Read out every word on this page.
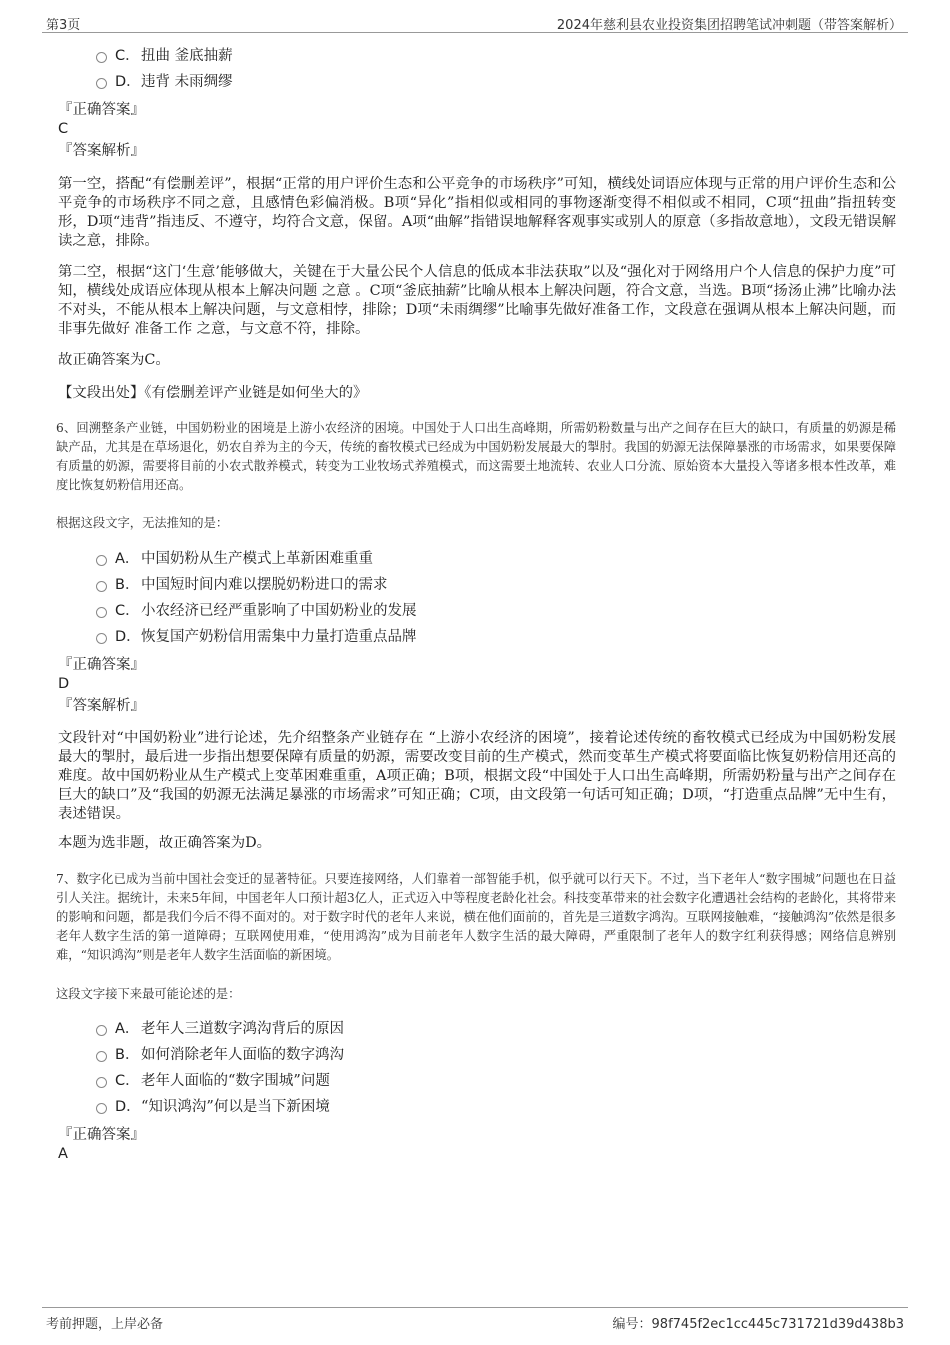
第3页	2024年慈利县农业投资集团招聘笔试冲刺题（带答案解析）
C．扭曲 釜底抽薪
D．违背 未雨绸缪
『正确答案』
C
『答案解析』
第一空，搭配“有偿删差评”，根据“正常的用户评价生态和公平竞争的市场秩序”可知，横线处词语应体现与正常的用户评价生态和公平竞争的市场秩序不同之意，且感情色彩偏消极。B项“异化”指相似或相同的事物逐渐变得不相似或不相同，C项“扭曲”指扭转变形，D项“违背”指违反、不遵守，均符合文意，保留。A项“曲解”指错误地解释客观事实或别人的原意（多指故意地），文段无错误解读之意，排除。
第二空，根据“这门‘生意’能够做大，关键在于大量公民个人信息的低成本非法获取”以及“强化对于网络用户个人信息的保护力度”可知，横线处成语应体现从根本上解决问题 之意 。C项“釜底抽薪”比喻从根本上解决问题，符合文意，当选。B项“扬汤止沸”比喻办法不对头，不能从根本上解决问题，与文意相悖，排除；D项“未雨绸缪”比喻事先做好准备工作，文段意在强调从根本上解决问题，而非事先做好 准备工作 之意，与文意不符，排除。
故正确答案为C。
【文段出处】《有偿删差评产业链是如何坐大的》
6、回溯整条产业链，中国奶粉业的困境是上游小农经济的困境。中国处于人口出生高峰期，所需奶粉数量与出产之间存在巨大的缺口，有质量的奶源是稀缺产品，尤其是在草场退化，奶农自养为主的今天，传统的畜牧模式已经成为中国奶粉发展最大的掣肘。我国的奶源无法保障暴涨的市场需求，如果要保障有质量的奶源，需要将目前的小农式散养模式，转变为工业牧场式养殖模式，而这需要土地流转、农业人口分流、原始资本大量投入等诸多根本性改革，难度比恢复奶粉信用还高。
根据这段文字，无法推知的是：
A． 中国奶粉从生产模式上革新困难重重
B． 中国短时间内难以摆脱奶粉进口的需求
C．小农经济已经严重影响了中国奶粉业的发展
D．恢复国产奶粉信用需集中力量打造重点品牌
『正确答案』
D
『答案解析』
文段针对“中国奶粉业”进行论述，先介绍整条产业链存在 “上游小农经济的困境”，接着论述传统的畜牧模式已经成为中国奶粉发展最大的掣肘，最后进一步指出想要保障有质量的奶源，需要改变目前的生产模式，然而变革生产模式将要面临比恢复奶粉信用还高的难度。故中国奶粉业从生产模式上变革困难重重，A项正确；B项，根据文段“中国处于人口出生高峰期，所需奶粉量与出产之间存在巨大的缺口”及“我国的奶源无法满足暴涨的市场需求”可知正确；C项，由文段第一句话可知正确；D项，“打造重点品牌”无中生有，表述错误。
本题为选非题，故正确答案为D。
7、数字化已成为当前中国社会变迁的显著特征。只要连接网络，人们靠着一部智能手机，似乎就可以行天下。不过，当下老年人“数字围城”问题也在日益引人关注。据统计，未来5年间，中国老年人口预计超3亿人，正式迈入中等程度老龄化社会。科技变革带来的社会数字化遭遇社会结构的老龄化，其将带来的影响和问题，都是我们今后不得不面对的。对于数字时代的老年人来说，横在他们面前的，首先是三道数字鸿沟。互联网接触难，“接触鸿沟”依然是很多老年人数字生活的第一道障碍；互联网使用难，“使用鸿沟”成为目前老年人数字生活的最大障碍，严重限制了老年人的数字红利获得感；网络信息辨别难，“知识鸿沟”则是老年人数字生活面临的新困境。
这段文字接下来最可能论述的是：
A． 老年人三道数字鸿沟背后的原因
B． 如何消除老年人面临的数字鸿沟
C．老年人面临的“数字围城”问题
D．“知识鸿沟”何以是当下新困境
『正确答案』
A
考前押题，上岸必备	编号：98f745f2ec1cc445c731721d39d438b3
